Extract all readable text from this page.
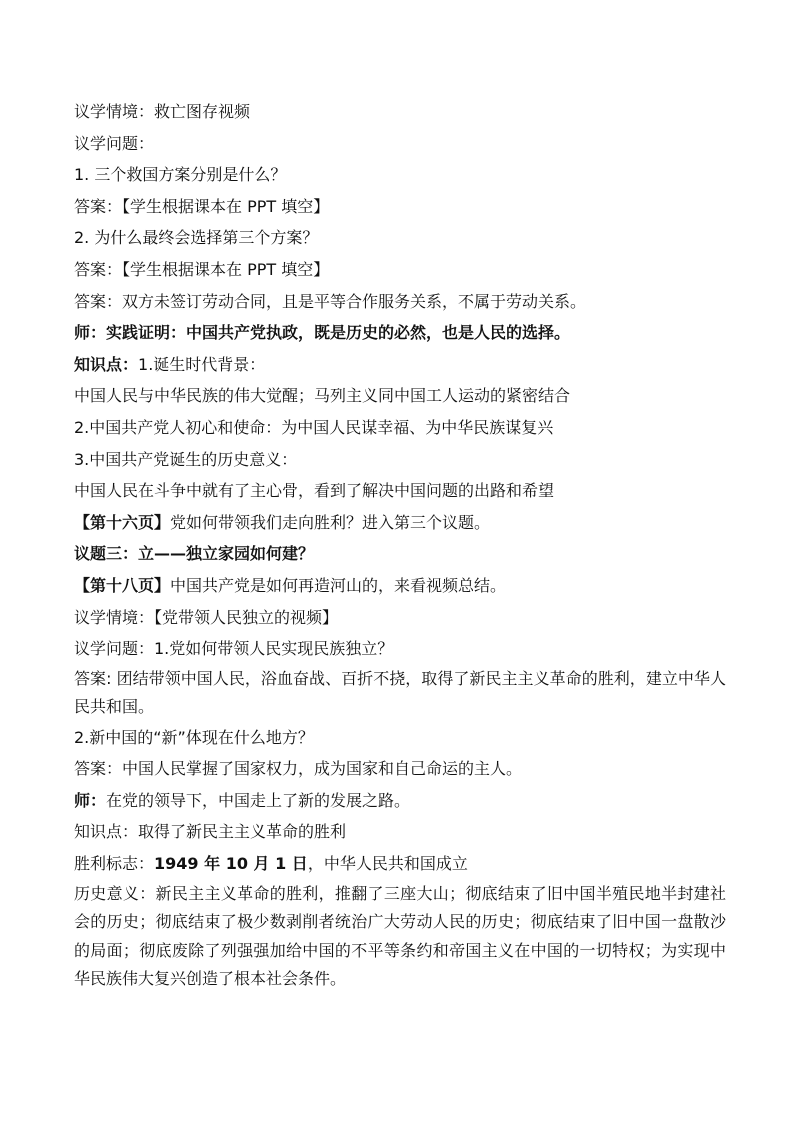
议学情境：救亡图存视频
议学问题：
1. 三个救国方案分别是什么？
答案：【学生根据课本在 PPT 填空】
2. 为什么最终会选择第三个方案？
答案：【学生根据课本在 PPT 填空】
答案：双方未签订劳动合同，且是平等合作服务关系，不属于劳动关系。
师：实践证明：中国共产党执政，既是历史的必然，也是人民的选择。
知识点：1.诞生时代背景：
中国人民与中华民族的伟大觉醒；马列主义同中国工人运动的紧密结合
2.中国共产党人初心和使命：为中国人民谋幸福、为中华民族谋复兴
3.中国共产党诞生的历史意义：
中国人民在斗争中就有了主心骨，看到了解决中国问题的出路和希望
【第十六页】党如何带领我们走向胜利？进入第三个议题。
议题三：立——独立家园如何建？
【第十八页】中国共产党是如何再造河山的，来看视频总结。
议学情境：【党带领人民独立的视频】
议学问题：1.党如何带领人民实现民族独立？
答案: 团结带领中国人民，浴血奋战、百折不挠，取得了新民主主义革命的胜利，建立中华人民共和国。
2.新中国的“新”体现在什么地方？
答案：中国人民掌握了国家权力，成为国家和自己命运的主人。
师：在党的领导下，中国走上了新的发展之路。
知识点：取得了新民主主义革命的胜利
胜利标志：1949 年 10 月 1 日，中华人民共和国成立
历史意义：新民主主义革命的胜利，推翻了三座大山；彻底结束了旧中国半殖民地半封建社会的历史；彻底结束了极少数剥削者统治广大劳动人民的历史；彻底结束了旧中国一盘散沙的局面；彻底废除了列强强加给中国的不平等条约和帝国主义在中国的一切特权；为实现中华民族伟大复兴创造了根本社会条件。
